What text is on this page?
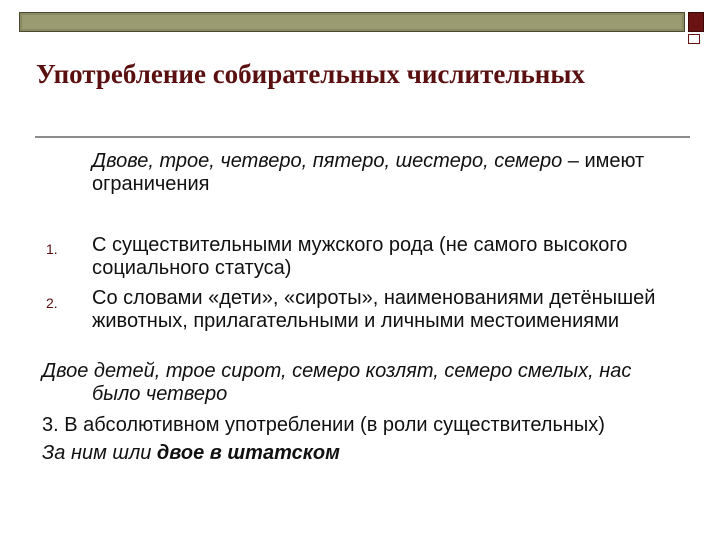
Употребление собирательных числительных

Двове, трое, четверо, пятеро, шестеро, семеро – имеют ограничения

1. С существительными мужского рода (не самого высокого социального статуса)

2. Со словами «дети», «сироты», наименованиями детёнышей животных, прилагательными и личными местоимениями

Двое детей, трое сирот, семеро козлят, семеро смелых, нас

было четверо

3. В абсолютивном употреблении (в роли существительных)

За ним шли двое в штатском
